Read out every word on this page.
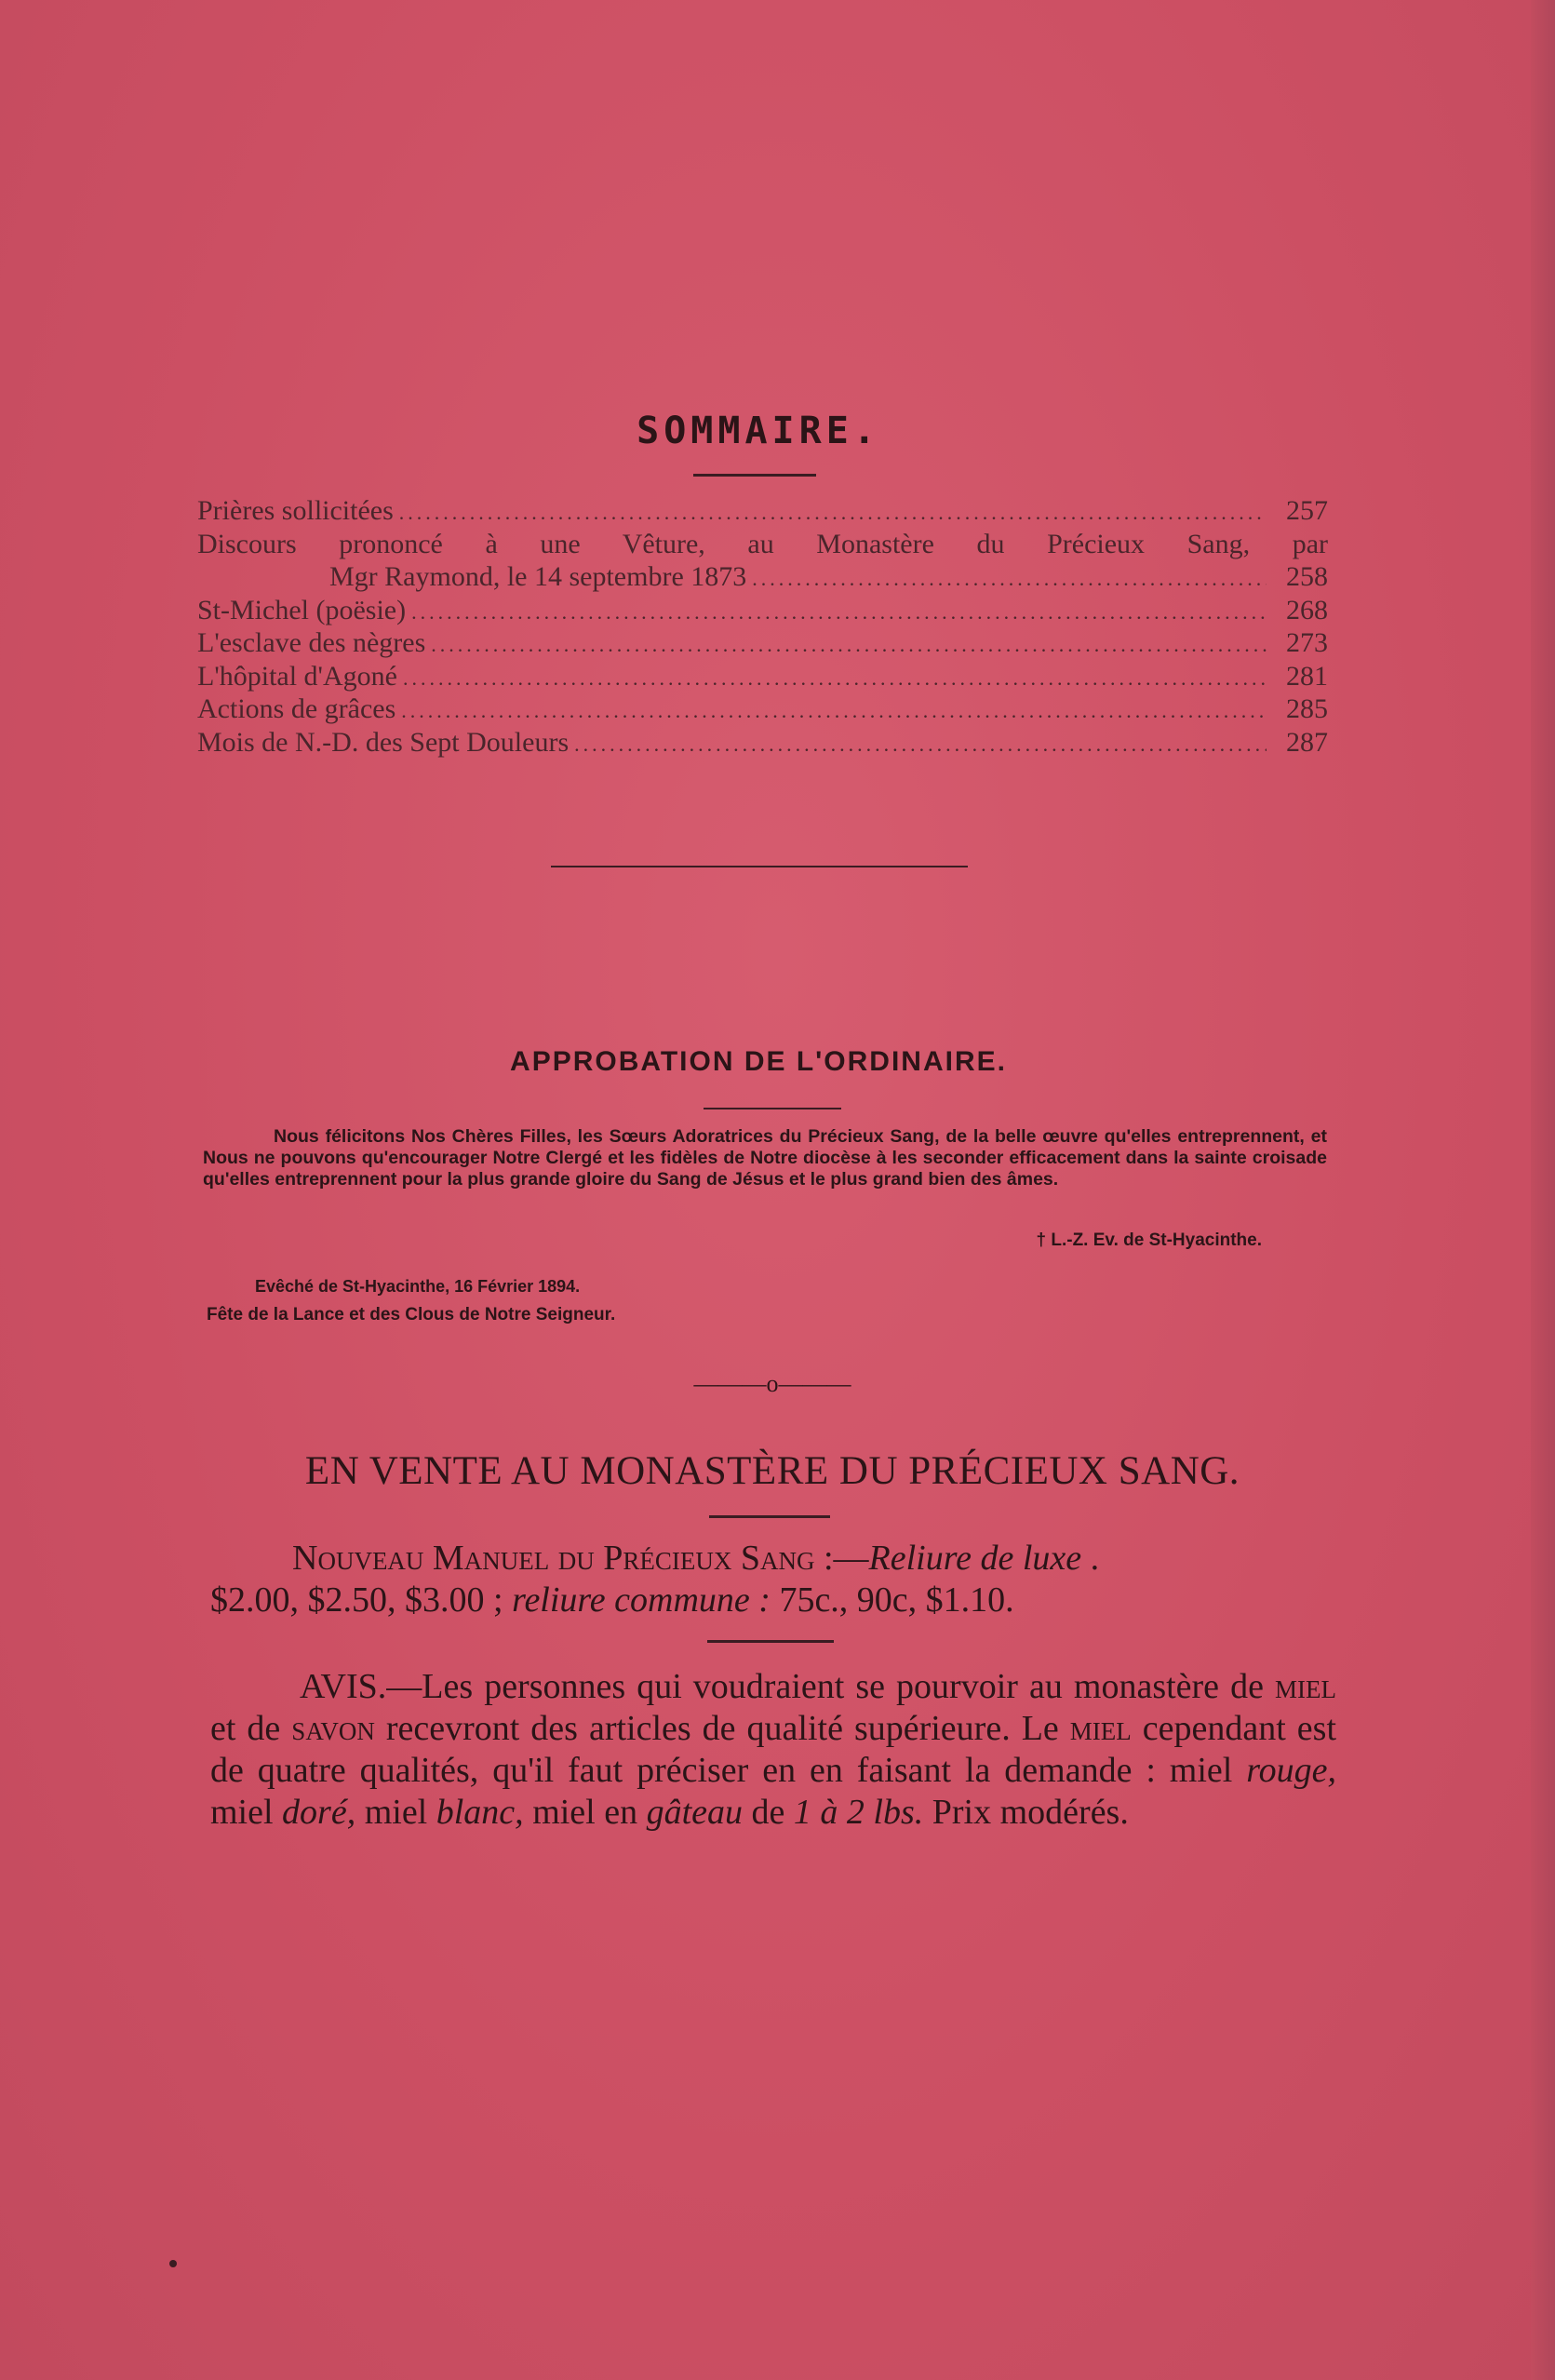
SOMMAIRE.
Prières sollicitées .....	257
Discours prononcé à une Vêture, au Monastère du Précieux Sang, par
Mgr Raymond, le 14 septembre 1873 .....	258
St-Michel (poësie) .....	268
L'esclave des nègres .....	273
L'hôpital d'Agoné .....	281
Actions de grâces .....	285
Mois de N.-D. des Sept Douleurs .....	287
APPROBATION DE L'ORDINAIRE.
Nous félicitons Nos Chères Filles, les Sœurs Adoratrices du Précieux Sang, de la belle œuvre qu'elles entreprennent, et Nous ne pouvons qu'encourager Notre Clergé et les fidèles de Notre diocèse à les seconder efficacement dans la sainte croisade qu'elles entreprennent pour la plus grande gloire du Sang de Jésus et le plus grand bien des âmes.
† L.-Z. Ev. de St-Hyacinthe.
Evêché de St-Hyacinthe, 16 Février 1894.
Fête de la Lance et des Clous de Notre Seigneur.
———o———
EN VENTE AU MONASTÈRE DU PRÉCIEUX SANG.
Nouveau Manuel du Précieux Sang :—Reliure de luxe .
$2.00, $2.50, $3.00 ; reliure commune : 75c., 90c, $1.10.
AVIS.—Les personnes qui voudraient se pourvoir au monastère de miel et de savon recevront des articles de qualité supérieure. Le miel cependant est de quatre qualités, qu'il faut préciser en en faisant la demande : miel rouge, miel doré, miel blanc, miel en gâteau de 1 à 2 lbs. Prix modérés.
